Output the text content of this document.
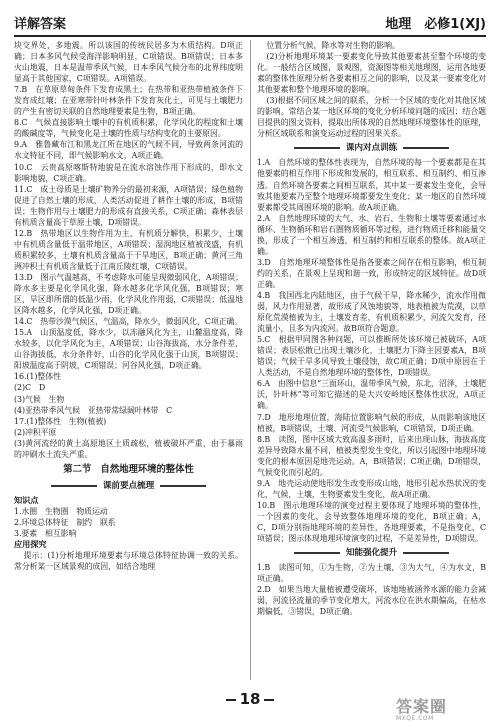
详解答案	地理　必修1(XJ)

块交界处，多地震。所以该国的传统民居多为木质结构。D项正确；日本多风气候受海洋影响明显，C项错误。B项错误；日本多火山地震，日本是温带季风气候，日本季风气候分布的北界纬度明显高于其他国家，C项错误。A项错误。

7.B　在草原草甸条件下发育成黑土；在热带和亚热带植被条件下发育成红壤；在亚寒带针叶林条件下发育灰化土，可见与土壤肥力的产生有密切关联的自然地理要素是生物，B项正确。

8.C　气候直接影响土壤中的有机质积累，化学风化的程度和土壤的酸碱度等，气候变化是土壤的性质与结构变化的主要原因。

9.A　雅鲁藏布江和黑龙江所在地区的气候不同，导致两条河流的水文特征不同，即气候影响水文，A项正确。

10.C　云贵高原喀斯特地貌是在流水溶蚀作用下形成的，即水文影响地貌，C项正确。

11.C　成土母质是土壤矿物养分的最初来源，A项错误；绿色植物促进了自然土壤的形成，人类活动促进了耕作土壤的形成，B项错误；生物作用与土壤肥力的形成有直接关系，C项正确；森林表层有机质含量高于草原土壤，D项错误。

12.B　热带地区以生物作用为主，有机质分解快，积累少，土壤中有机质含量低于温带地区，A项错误；湿润地区植被茂盛，有机质积累较多，土壤有机质含量高于干旱地区，B项正确；黄河三角洲冲积土有机质含量低于江南丘陵红壤，C项错误。

13.D　图示气温越高，不考虑降水可能呈现微弱风化，A项错误；降水多主要是化学风化强，降水越多化学风化强，B项错误；寒区，旱区即所谓的低温少雨，化学风化作用弱，C项错误；低温地区降水越多，化学风化强，D项正确。

14.C　热带沙漠气候区，气温高，降水少，微弱风化，C项正确。

15.A　山顶温度低，降水少，以冻融风化为主，山麓温度高，降水较多，以化学风化为主，A项错误；山谷海拔高，水分条件差，山谷海拔低，水分条件好，山谷的化学风化强于山顶，B项错误；阳坡温度高于阴坡，C项错误；河谷风化强，D项正确。

16.(1)整体性

(2)C　D

(3)气候　生物

(4)亚热带季风气候　亚热带常绿阔叶林带　C

17.(1)整体性　生物(植被)

(2)冲积平原

(3)黄河流经的黄土高原地区土质疏松，植被破坏严重，由于暴雨的冲刷水土流失严重。

第二节　自然地理环境的整体性
课前要点梳理

知识点

1.水圈　生物圈　物质运动

2.环境总体特征　制约　联系

3.要素　相互影响

应用探究

提示：(1)分析地理环境要素与环境总体特征协调一致的关系。常分析某一区域景观的成因，如结合地理

位置分析气候，降水等对生物的影响。

(2)分析地理环境某一要素变化导致其他要素甚至整个环境的变化。一般结合区域图，景观图，资源图等相关地理图，运用各地要素的整体性原理分析各要素相互之间的影响，以及某一要素变化对其他要素和整个地理环境的影响。

(3)根据不同区域之间的联系，分析一个区域的变化对其他区域的影响。常结合某一地区环境的变化分析环境问题的成因；结合题目提供的图文资料，提取出所体现的自然地理环境整体性的原理，分析区域联系和演变运动过程的因果关系。

课内对点训练

1.A　自然环境的整体性表现为，自然环境的每一个要素都是在其他要素的相互作用下形成和发展的，相互联系、相互制约、相互渗透。自然环境各要素之间相互联系，其中某一要素发生变化，会导致其他要素乃至整个地理环境都要发生变化；某一地区的自然环境要素都受其周围环境的影响。故A项正确。

2.A　自然地理环境的大气、水、岩石、生物和土壤等要素通过水循环、生物循环和岩石圈物质循环等过程，进行物质迁移和能量交换，形成了一个相互渗透，相互制约和相互联系的整体。故A项正确。

3.D　自然地理环境整体性是指各要素之间存在相互影响，相互制约的关系，在景观上呈现和谐一致，形成特定的区域特征。故D项正确。

4.B　我国西北内陆地区，由于气候干旱，降水稀少，流水作用微弱，风力作用显著，故形成了风蚀地貌等，地表植被为荒漠，以草原化荒漠植被为主，土壤发育差，有机质积累少，河流欠发育，径流量小，且多为内流河。故B项符合题意。

5.C　根据甲同图各种问题，可以推断所处该环境已被破坏，A项错误；表层松散已出现土壤沙化，土壤肥力下降主因要素A，B项错误；气候干旱多风导致土壤侵蚀，故C项正确；D项中原因在于人类活动，不是自然地理环境的整体性，D项错误。

6.A　由图中信息“三面环山，温带季风气候，东北，沼泽，土壤肥沃，针叶林”等可知它描述的是大兴安岭地区整体性状况，A项正确。

7.D　地形地理位置，海陆位置影响气候的形成，从而影响该地区植被，B项错误，土壤、河流受气候影响，C项错误，D项正确。

8.B　读图，图中区域大致高温多雨时，后来出现山脉，海拔高度差异导致降水量不同，植被类型发生变化，所以引起图中地理环境变化的根本原因是地壳运动。A，B项错误；C项正确，D项错误，气候变化而引起的。

9.A　地壳运动使地形发生改变形成山地，地形引起水热状况的变化，气候，土壤，生物要素发生变化，故A项正确。

10.B　图示地理环境的演变过程主要体现了地理环境的整体性，一个因素的变化，会导致整体地理环境的变化，B项正确；A，C，D项分别指地理环境的差异性，各地理要素，不是指变化，C项错误；图示体现地理环境演变的过程，不是差异性，D项错误。

知能强化提升

1.B　读图可知，①为生物，②为土壤，③为大气，④为水文，B项正确。

2.D　如果当地大量植被遭受破坏，该地地被涵养水源的能力会减弱，河流径流量的季节变化增大，河流水位在洪水期偏高，在枯水期偏低，③错误，D项正确。

18	答案圈
MXQE.COM
